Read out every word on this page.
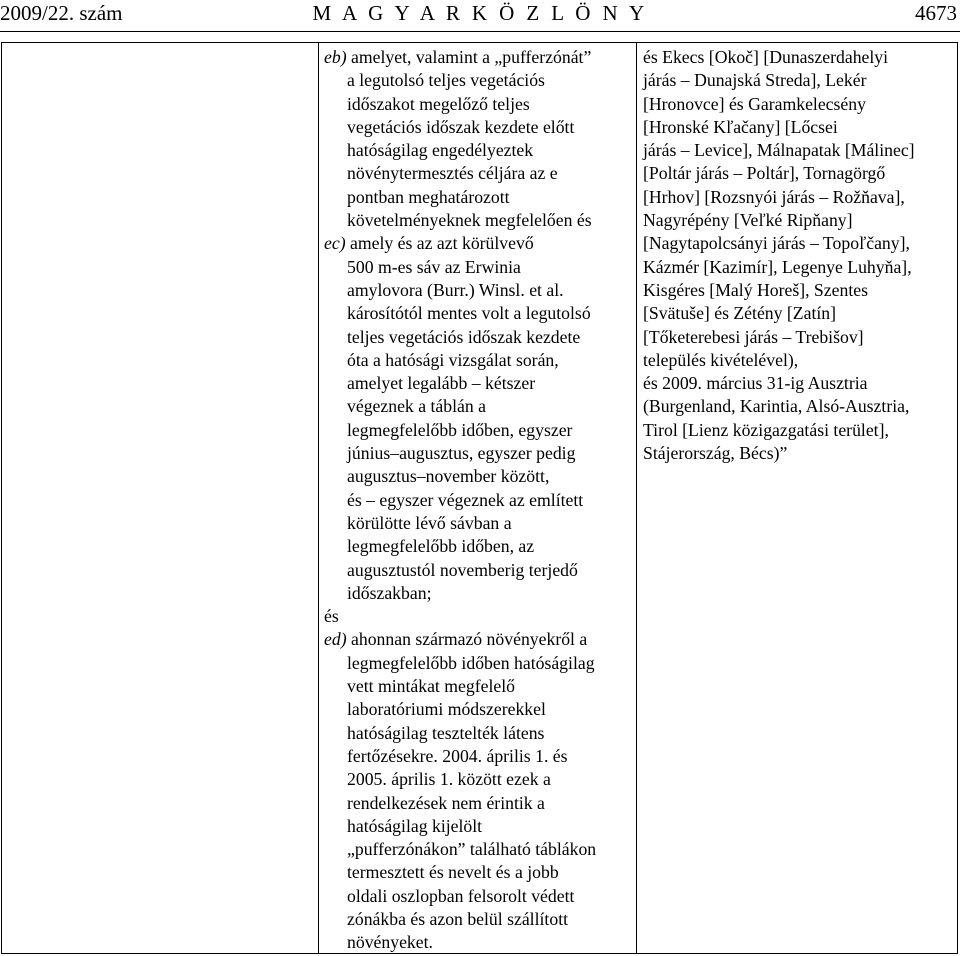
2009/22. szám	M A G Y A R K Ö Z L Ö N Y	4673
eb) amelyet, valamint a „pufferzónát”
a legutolsó teljes vegetációs
időszakot megelőző teljes
vegetációs időszak kezdete előtt
hatóságilag engedélyeztek
növénytermesztés céljára az e
pontban meghatározott
követelményeknek megfelelően és
ec) amely és az azt körülvevő
500 m-es sáv az Erwinia
amylovora (Burr.) Winsl. et al.
károsítótól mentes volt a legutolsó
teljes vegetációs időszak kezdete
óta a hatósági vizsgálat során,
amelyet legalább – kétszer
végeznek a táblán a
legmegfelelőbb időben, egyszer
június–augusztus, egyszer pedig
augusztus–november között,
és – egyszer végeznek az említett
körülötte lévő sávban a
legmegfelelőbb időben, az
augusztustól novemberig terjedő
időszakban;
és
ed) ahonnan származó növényekről a
legmegfelelőbb időben hatóságilag
vett mintákat megfelelő
laboratóriumi módszerekkel
hatóságilag tesztelték látens
fertőzésekre. 2004. április 1. és
2005. április 1. között ezek a
rendelkezések nem érintik a
hatóságilag kijelölt
„pufferzónákon” található táblákon
termesztett és nevelt és a jobb
oldali oszlopban felsorolt védett
zónákba és azon belül szállított
növényeket.
és Ekecs [Okoč] [Dunaszerdahelyi
járás – Dunajská Streda], Lekér
[Hronovce] és Garamkelecsény
[Hronské Kľačany] [Lőcsei
járás – Levice], Málnapatak [Málinec]
[Poltár járás – Poltár], Tornagörgő
[Hrhov] [Rozsnyói járás – Rožňava],
Nagyrépény [Veľké Ripňany]
[Nagytapolcsányi járás – Topoľčany],
Kázmér [Kazimír], Legenye Luhyňa],
Kisgéres [Malý Horeš], Szentes
[Svätuše] és Zétény [Zatín]
[Tőketerebesi járás – Trebišov]
település kivételével),
és 2009. március 31-ig Ausztria
(Burgenland, Karintia, Alsó-Ausztria,
Tirol [Lienz közigazgatási terület],
Stájerország, Bécs)”
